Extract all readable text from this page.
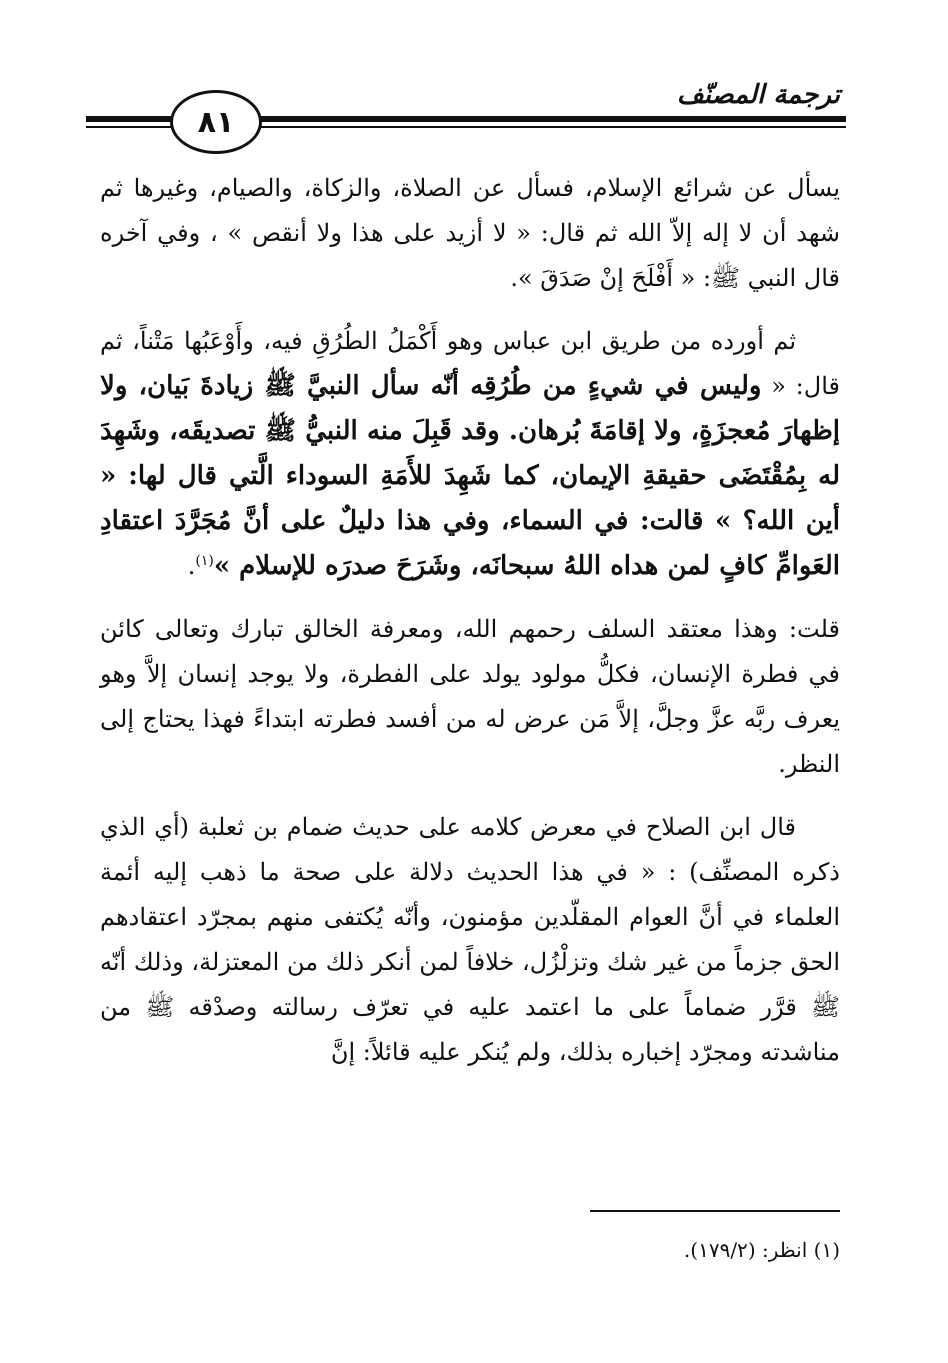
ترجمة المصنّف
٨١

يسأل عن شرائع الإسلام، فسأل عن الصلاة، والزكاة، والصيام، وغيرها ثم شهد أن لا إله إلاّ الله ثم قال: « لا أزيد على هذا ولا أنقص » ، وفي آخره قال النبي ﷺ: « أَفْلَحَ إنْ صَدَقَ ».

ثم أورده من طريق ابن عباس وهو أَكْمَلُ الطُرُقِ فيه، وأَوْعَبُها مَتْناً، ثم قال: « وليس في شيءٍ من طُرُقِه أنّه سأل النبيَّ ﷺ زيادةَ بَيان، ولا إظهارَ مُعجزَةٍ، ولا إقامَةَ بُرهان. وقد قَبِلَ منه النبيُّ ﷺ تصديقَه، وشَهِدَ له بِمُقْتَضَى حقيقةِ الإيمان، كما شَهِدَ للأَمَةِ السوداء الَّتي قال لها: « أين الله؟ » قالت: في السماء، وفي هذا دليلٌ على أنَّ مُجَرَّدَ اعتقادِ العَوامِّ كافٍ لمن هداه اللهُ سبحانَه، وشَرَحَ صدرَه للإسلام »$^{(١)}$.

قلت: وهذا معتقد السلف رحمهم الله، ومعرفة الخالق تبارك وتعالى كائن في فطرة الإنسان، فكلُّ مولود يولد على الفطرة، ولا يوجد إنسان إلاَّ وهو يعرف ربَّه عزَّ وجلَّ، إلاَّ مَن عرض له من أفسد فطرته ابتداءً فهذا يحتاج إلى النظر.

قال ابن الصلاح في معرض كلامه على حديث ضمام بن ثعلبة (أي الذي ذكره المصنِّف) : « في هذا الحديث دلالة على صحة ما ذهب إليه أئمة العلماء في أنَّ العوام المقلّدين مؤمنون، وأنّه يُكتفى منهم بمجرّد اعتقادهم الحق جزماً من غير شك وتزلْزُل، خلافاً لمن أنكر ذلك من المعتزلة، وذلك أنّه ﷺ قرَّر ضماماً على ما اعتمد عليه في تعرّف رسالته وصدْقه ﷺ من مناشدته ومجرّد إخباره بذلك، ولم يُنكر عليه قائلاً: إنَّ

(١) انظر: (١٧٩/٢).
